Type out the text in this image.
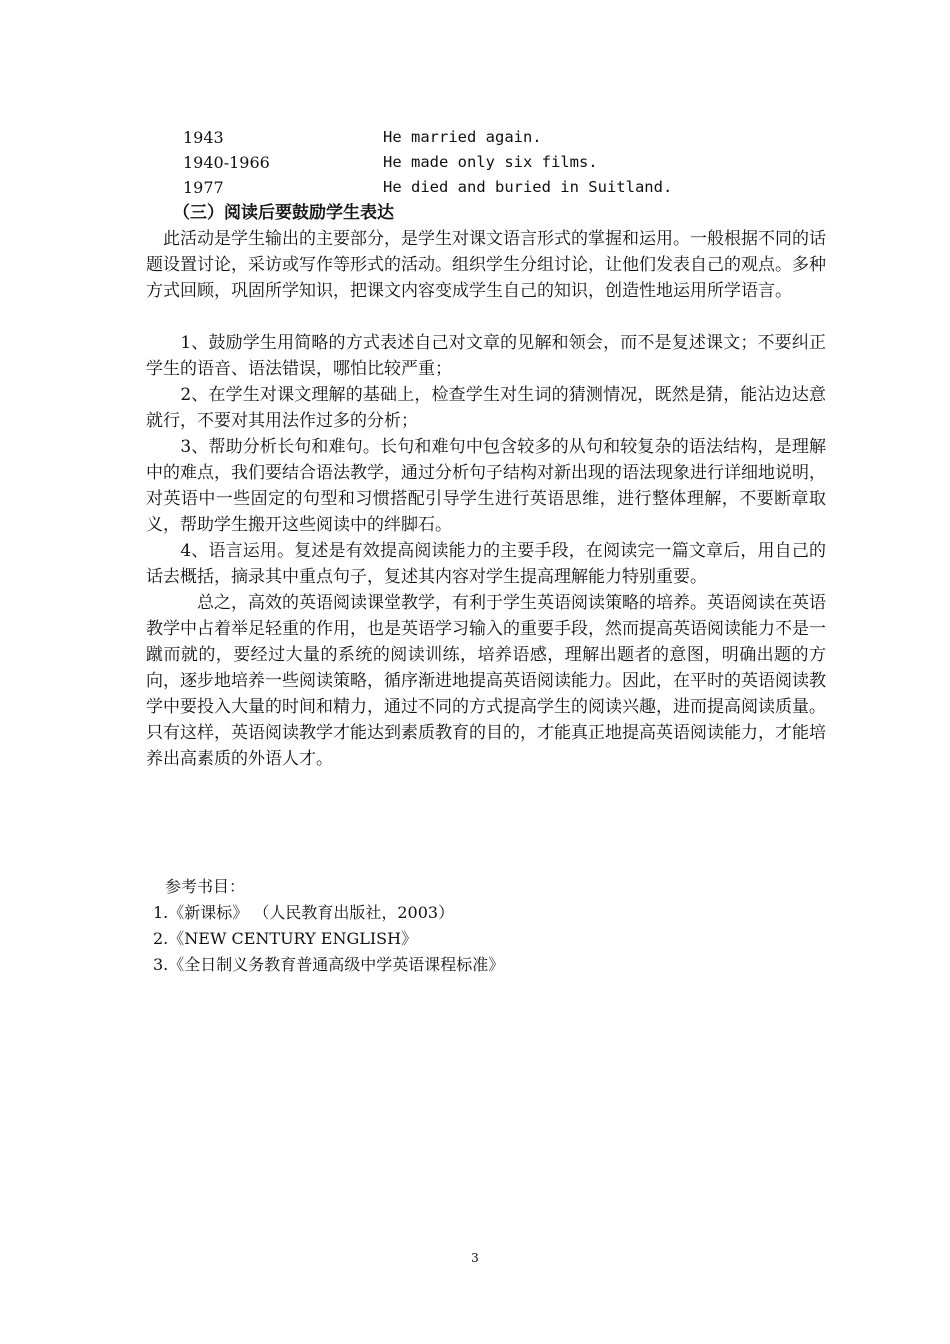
1943	He married again.
1940-1966	He made only six films.
1977	He died and buried in Suitland.
（三）阅读后要鼓励学生表达
　此活动是学生输出的主要部分，是学生对课文语言形式的掌握和运用。一般根据不同的话题设置讨论，采访或写作等形式的活动。组织学生分组讨论，让他们发表自己的观点。多种方式回顾，巩固所学知识，把课文内容变成学生自己的知识，创造性地运用所学语言。
　　1、鼓励学生用简略的方式表述自己对文章的见解和领会，而不是复述课文；不要纠正学生的语音、语法错误，哪怕比较严重；
　　2、在学生对课文理解的基础上，检查学生对生词的猜测情况，既然是猜，能沾边达意就行，不要对其用法作过多的分析；
　　3、帮助分析长句和难句。长句和难句中包含较多的从句和较复杂的语法结构，是理解中的难点，我们要结合语法教学，通过分析句子结构对新出现的语法现象进行详细地说明，对英语中一些固定的句型和习惯搭配引导学生进行英语思维，进行整体理解，不要断章取义，帮助学生搬开这些阅读中的绊脚石。
　　4、语言运用。复述是有效提高阅读能力的主要手段，在阅读完一篇文章后，用自己的话去概括，摘录其中重点句子，复述其内容对学生提高理解能力特别重要。
　　　总之，高效的英语阅读课堂教学，有利于学生英语阅读策略的培养。英语阅读在英语教学中占着举足轻重的作用，也是英语学习输入的重要手段，然而提高英语阅读能力不是一蹴而就的，要经过大量的系统的阅读训练，培养语感，理解出题者的意图，明确出题的方向，逐步地培养一些阅读策略，循序渐进地提高英语阅读能力。因此，在平时的英语阅读教学中要投入大量的时间和精力，通过不同的方式提高学生的阅读兴趣，进而提高阅读质量。只有这样，英语阅读教学才能达到素质教育的目的，才能真正地提高英语阅读能力，才能培养出高素质的外语人才。
参考书目：
1.《新课标》 （人民教育出版社，2003）
2.《NEW CENTURY ENGLISH》
3.《全日制义务教育普通高级中学英语课程标准》
3
